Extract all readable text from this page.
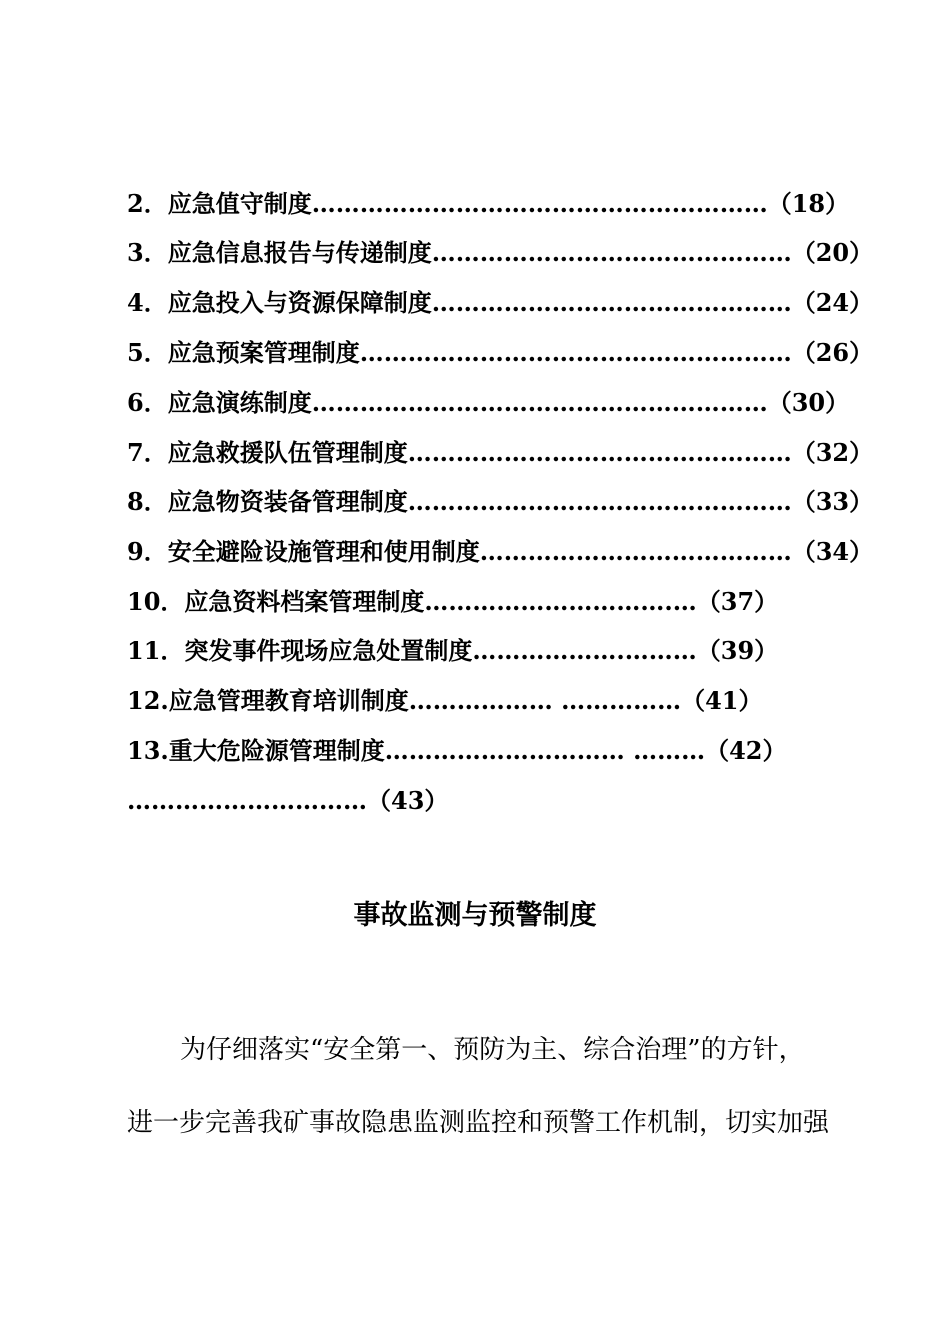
2．应急值守制度…………………………………………………（18）
3．应急信息报告与传递制度………………………………………（20）
4．应急投入与资源保障制度………………………………………（24）
5．应急预案管理制度………………………………………………（26）
6．应急演练制度…………………………………………………（30）
7．应急救援队伍管理制度…………………………………………（32）
8．应急物资装备管理制度…………………………………………（33）
9．安全避险设施管理和使用制度…………………………………（34）
10．应急资料档案管理制度………………………….…（37）
11．突发事件现场应急处置制度……………….………（39）
12.应急管理教育培训制度……………… ……………（41）
13.重大危险源管理制度………………………… ………（42）
…………………………（43）
事故监测与预警制度
为仔细落实“安全第一、预防为主、综合治理”的方针，
进一步完善我矿事故隐患监测监控和预警工作机制，切实加强
